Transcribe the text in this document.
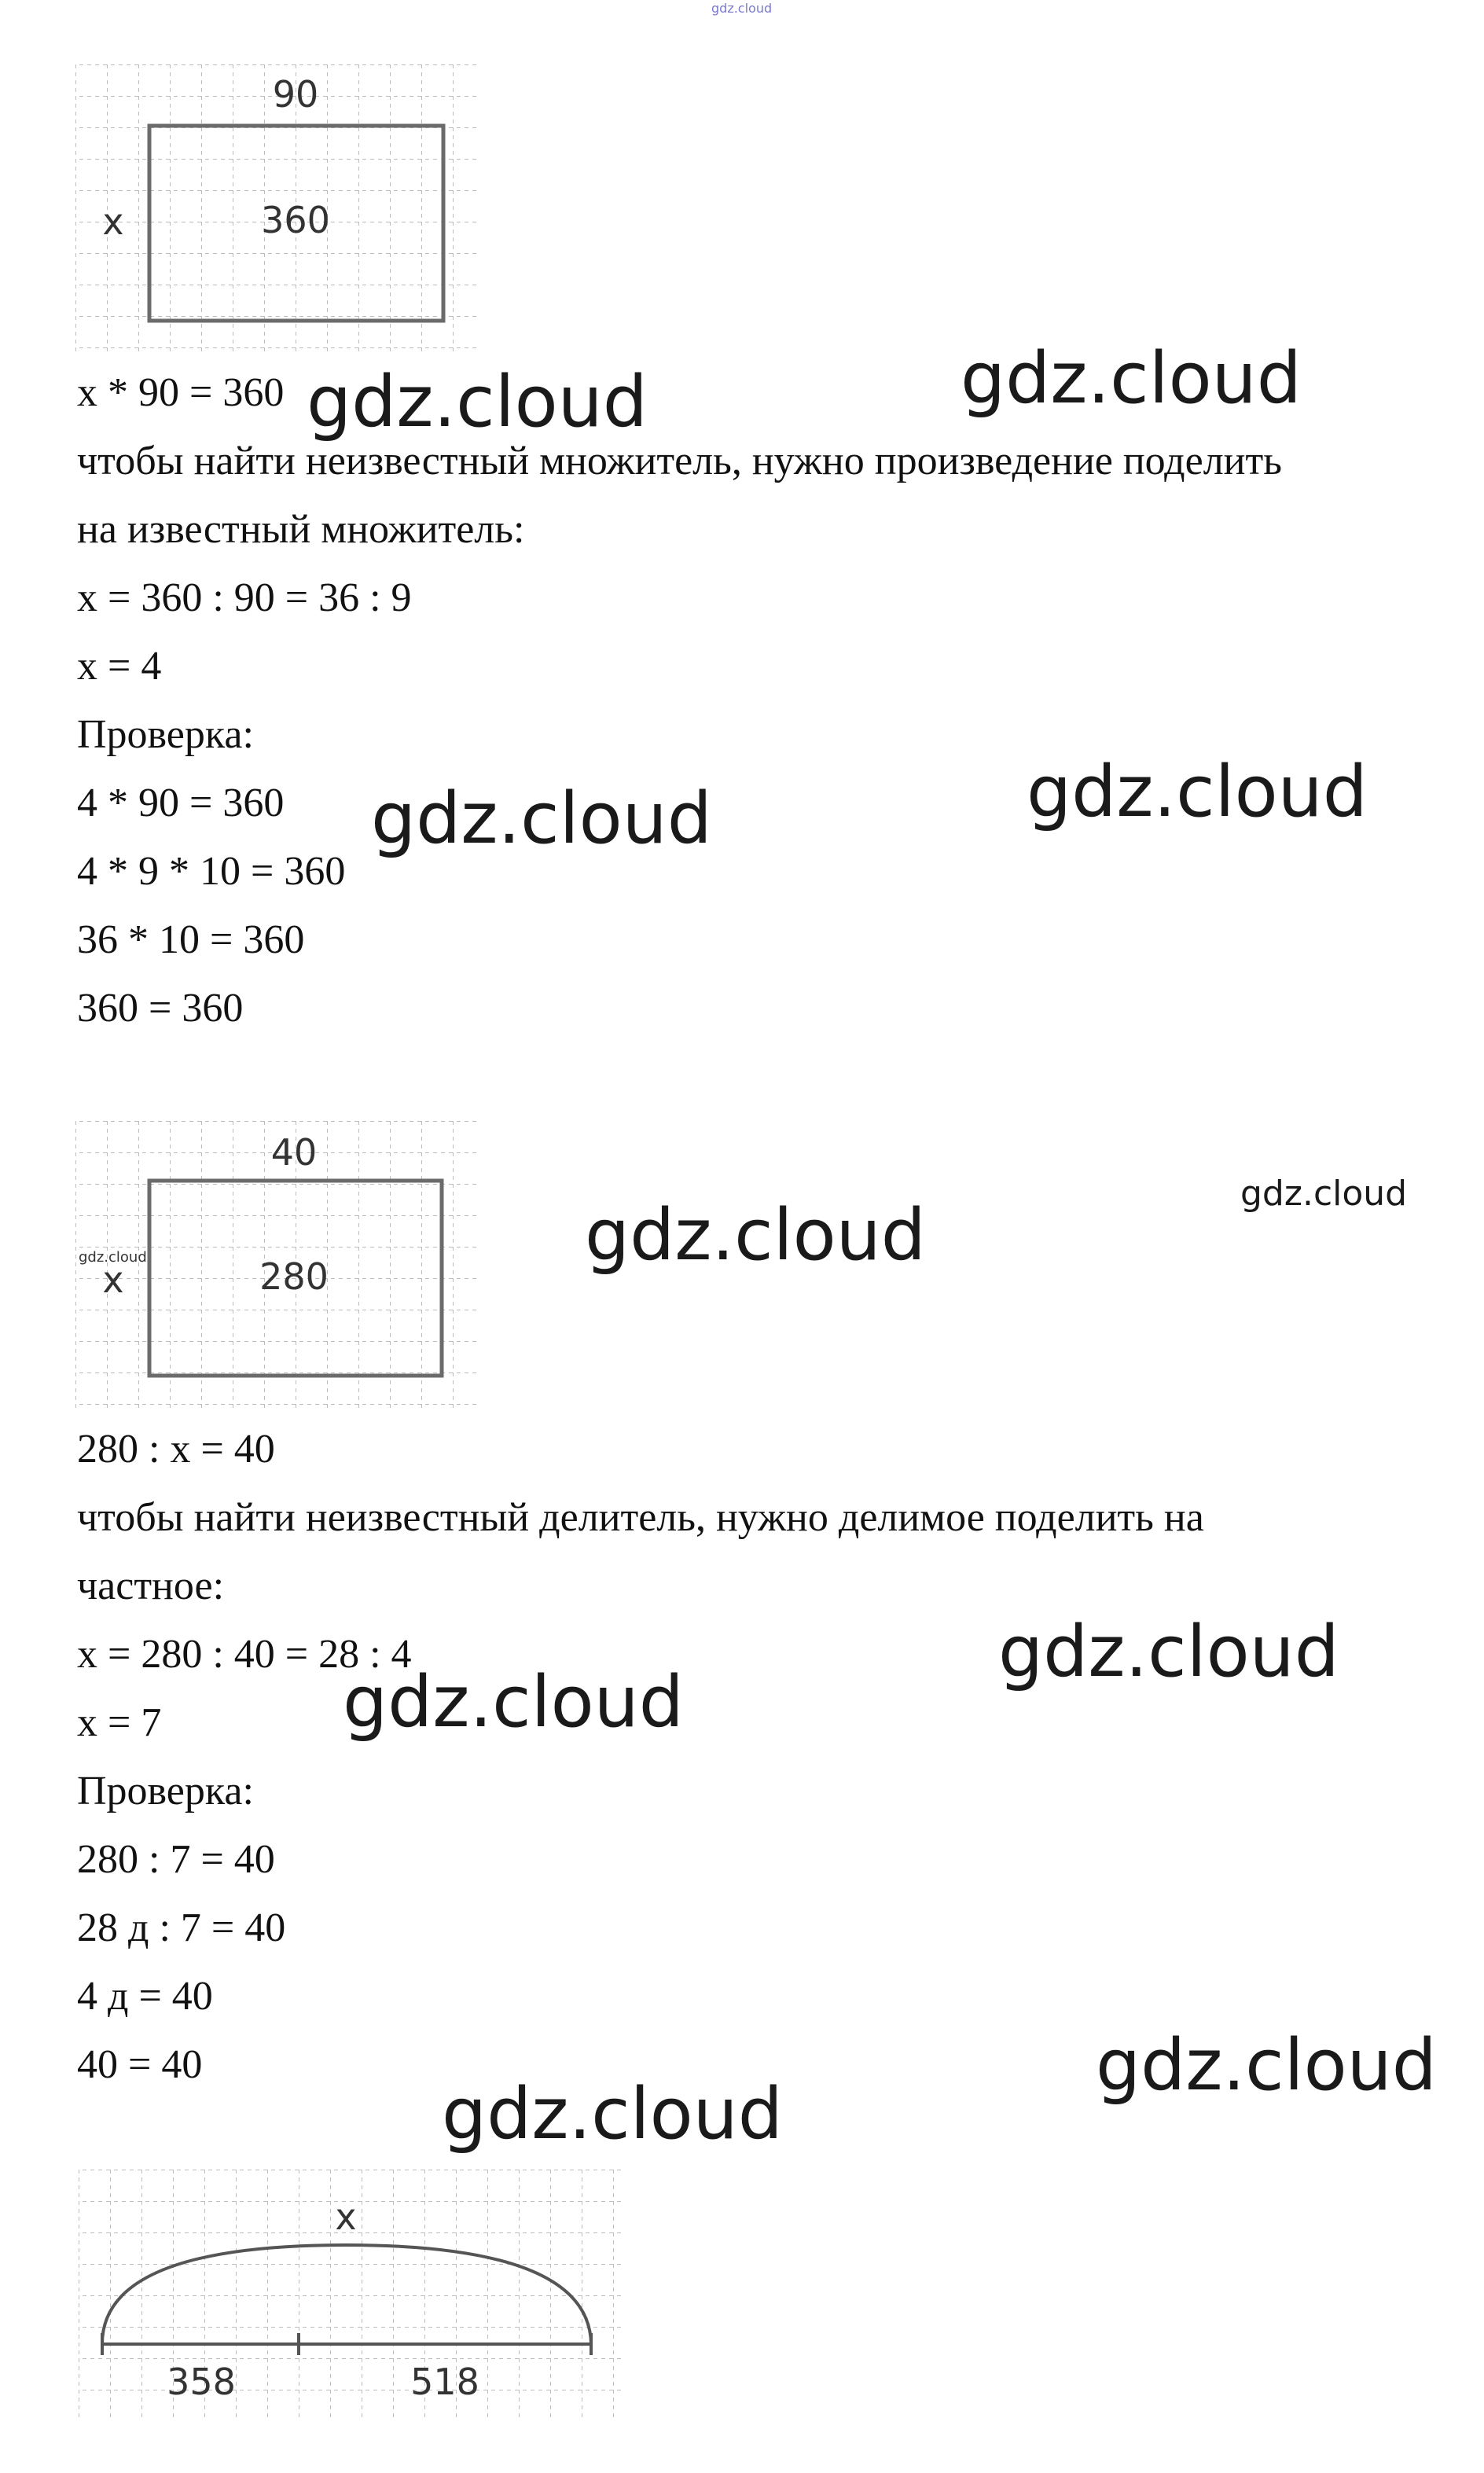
gdz.cloud
90
x	360

x * 90 = 360

чтобы найти неизвестный множитель, нужно произведение поделить

на известный множитель:

x = 360 : 90 = 36 : 9

x = 4

Проверка:

4 * 90 = 360

4 * 9 * 10 = 360

36 * 10 = 360

360 = 360

40
x	280

280 : x = 40

чтобы найти неизвестный делитель, нужно делимое поделить на

частное:

x = 280 : 40 = 28 : 4

x = 7

Проверка:

280 : 7 = 40

28 д : 7 = 40

4 д = 40

40 = 40

x
358	518
gdz.cloud	gdz.cloud
gdz.cloud	gdz.cloud
gdz.cloud
gdz.cloud
gdz.cloud
gdz.cloud
gdz.cloud
gdz.cloud
gdz.cloud
